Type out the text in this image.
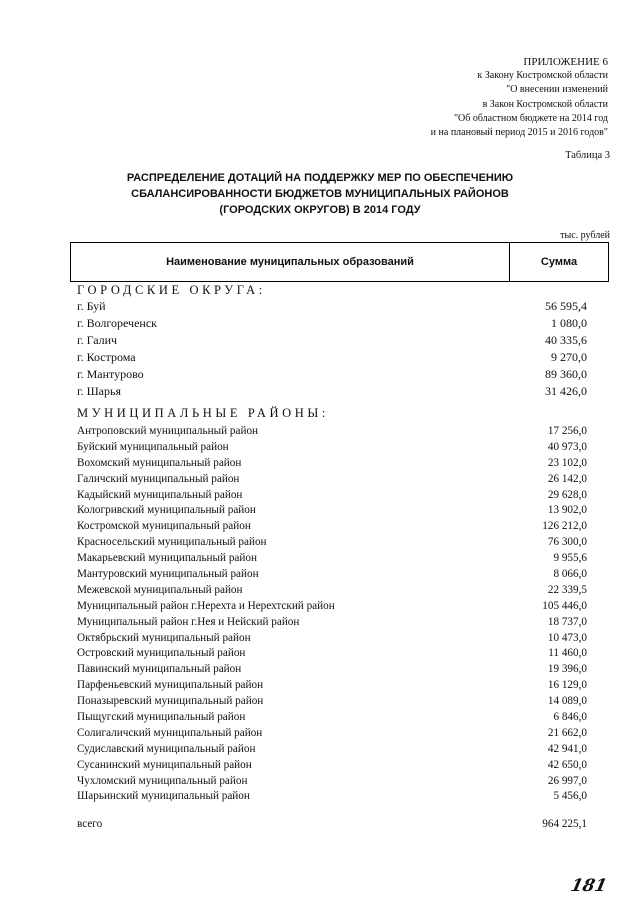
ПРИЛОЖЕНИЕ 6
к Закону Костромской области
"О внесении изменений
в Закон Костромской области
"Об областном бюджете на 2014 год
и на плановый период 2015 и 2016 годов"
Таблица 3
РАСПРЕДЕЛЕНИЕ ДОТАЦИЙ НА ПОДДЕРЖКУ МЕР ПО ОБЕСПЕЧЕНИЮ
СБАЛАНСИРОВАННОСТИ БЮДЖЕТОВ МУНИЦИПАЛЬНЫХ РАЙОНОВ
(ГОРОДСКИХ ОКРУГОВ) В 2014 ГОДУ
тыс. рублей
Наименование муниципальных образований	Сумма
ГОРОДСКИЕ ОКРУГА:
г. Буй	56 595,4
г. Волгореченск	1 080,0
г. Галич	40 335,6
г. Кострома	9 270,0
г. Мантурово	89 360,0
г. Шарья	31 426,0
МУНИЦИПАЛЬНЫЕ РАЙОНЫ:
Антроповский муниципальный район	17 256,0
Буйский муниципальный район	40 973,0
Вохомский муниципальный район	23 102,0
Галичский муниципальный район	26 142,0
Кадыйский муниципальный район	29 628,0
Кологривский муниципальный район	13 902,0
Костромской муниципальный район	126 212,0
Красносельский муниципальный район	76 300,0
Макарьевский муниципальный район	9 955,6
Мантуровский муниципальный район	8 066,0
Межевской муниципальный район	22 339,5
Муниципальный район г.Нерехта и Нерехтский район	105 446,0
Муниципальный район г.Нея и Нейский район	18 737,0
Октябрьский муниципальный район	10 473,0
Островский муниципальный район	11 460,0
Павинский муниципальный район	19 396,0
Парфеньевский муниципальный район	16 129,0
Поназыревский муниципальный район	14 089,0
Пыщугский муниципальный район	6 846,0
Солигаличский муниципальный район	21 662,0
Судиславский муниципальный район	42 941,0
Сусанинский муниципальный район	42 650,0
Чухломский муниципальный район	26 997,0
Шарьинский муниципальный район	5 456,0
всего	964 225,1
181
